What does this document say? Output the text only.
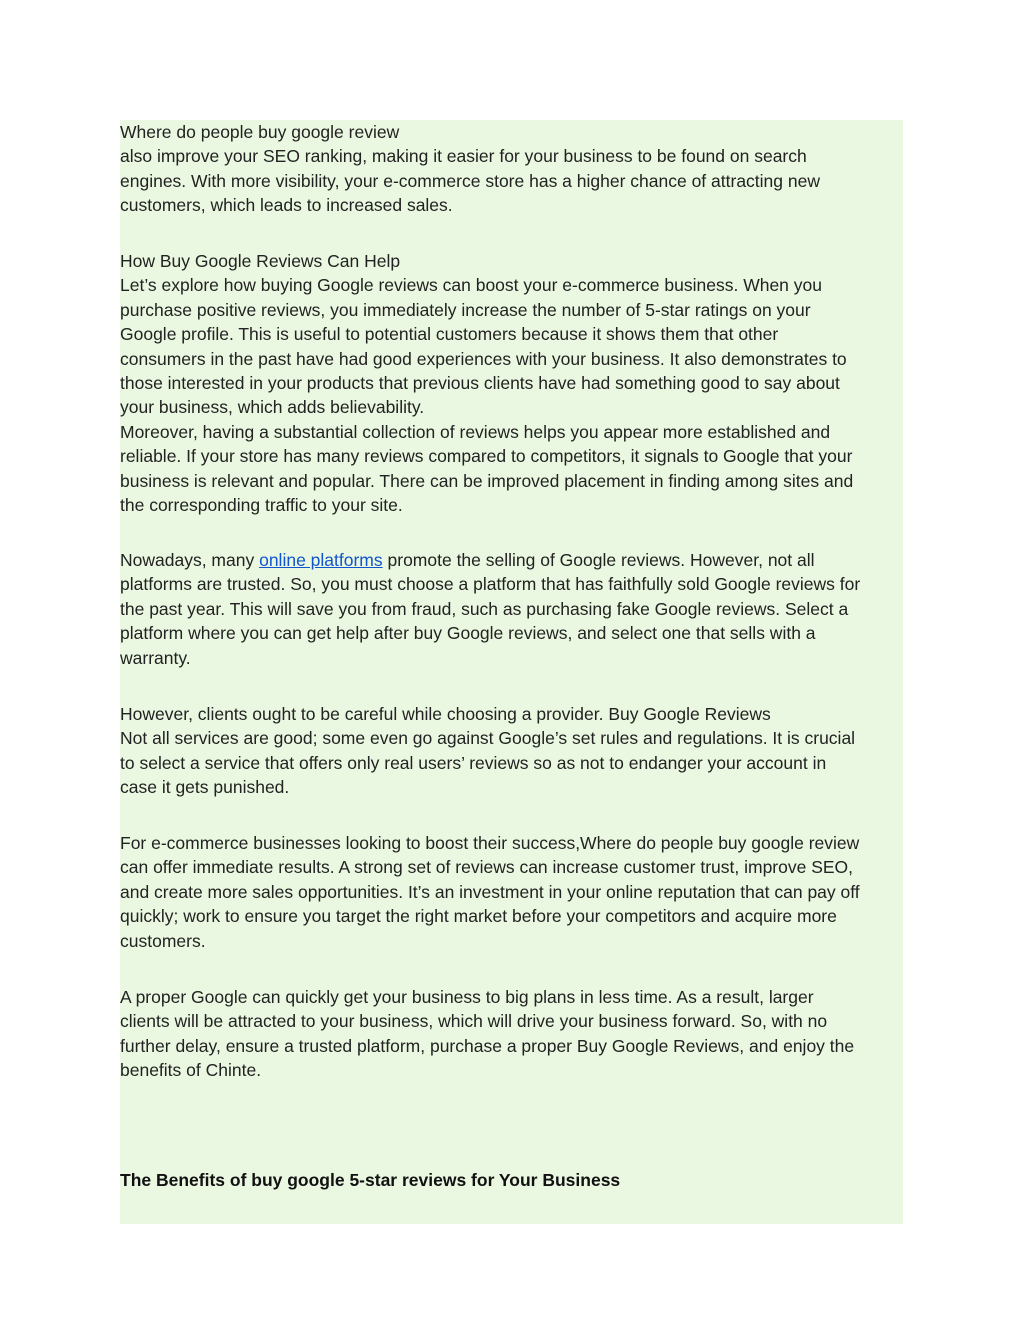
Where do people buy google review
also improve your SEO ranking, making it easier for your business to be found on search
engines. With more visibility, your e-commerce store has a higher chance of attracting new
customers, which leads to increased sales.
How Buy Google Reviews Can Help
Let’s explore how buying Google reviews can boost your e-commerce business. When you
purchase positive reviews, you immediately increase the number of 5-star ratings on your
Google profile. This is useful to potential customers because it shows them that other
consumers in the past have had good experiences with your business. It also demonstrates to
those interested in your products that previous clients have had something good to say about
your business, which adds believability.
Moreover, having a substantial collection of reviews helps you appear more established and
reliable. If your store has many reviews compared to competitors, it signals to Google that your
business is relevant and popular. There can be improved placement in finding among sites and
the corresponding traffic to your site.
Nowadays, many online platforms promote the selling of Google reviews. However, not all
platforms are trusted. So, you must choose a platform that has faithfully sold Google reviews for
the past year. This will save you from fraud, such as purchasing fake Google reviews. Select a
platform where you can get help after buy Google reviews, and select one that sells with a
warranty.
However, clients ought to be careful while choosing a provider. Buy Google Reviews
Not all services are good; some even go against Google’s set rules and regulations. It is crucial
to select a service that offers only real users’ reviews so as not to endanger your account in
case it gets punished.
For e-commerce businesses looking to boost their success,Where do people buy google review
can offer immediate results. A strong set of reviews can increase customer trust, improve SEO,
and create more sales opportunities. It’s an investment in your online reputation that can pay off
quickly; work to ensure you target the right market before your competitors and acquire more
customers.
A proper Google can quickly get your business to big plans in less time. As a result, larger
clients will be attracted to your business, which will drive your business forward. So, with no
further delay, ensure a trusted platform, purchase a proper Buy Google Reviews, and enjoy the
benefits of Chinte.
The Benefits of buy google 5-star reviews for Your Business
